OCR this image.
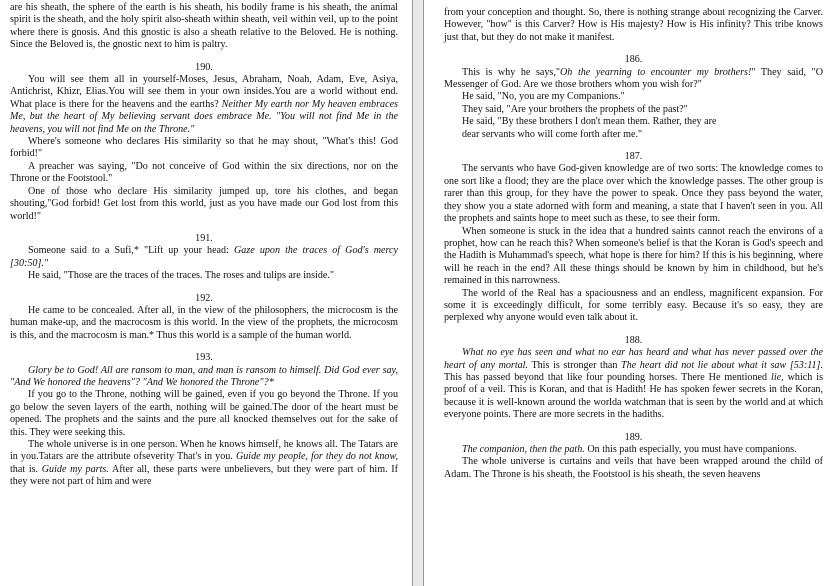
are his sheath, the sphere of the earth is his sheath, his bodily frame is his sheath, the animal spirit is the sheath, and the holy spirit also-sheath within sheath, veil within veil, up to the point where there is gnosis. And this gnostic is also a sheath relative to the Beloved. He is nothing. Since the Beloved is, the gnostic next to him is paltry.

190.

You will see them all in yourself-Moses, Jesus, Abraham, Noah, Adam, Eve, Asiya, Antichrist, Khizr, Elias.You will see them in your own insides.You are a world without end. What place is there for the heavens and the earths? Neither My earth nor My heaven embraces Me, but the heart of My believing servant does embrace Me. "You will not find Me in the heavens, you will not find Me on the Throne."

Where's someone who declares His similarity so that he may shout, "What's this! God forbid!"

A preacher was saying, "Do not conceive of God within the six directions, nor on the Throne or the Footstool."

One of those who declare His similarity jumped up, tore his clothes, and began shouting,"God forbid! Get lost from this world, just as you have made our God lost from this world!"

191.

Someone said to a Sufi,* "Lift up your head: Gaze upon the traces of God's mercy [30:50]."

He said, "Those are the traces of the traces. The roses and tulips are inside."

192.

He came to be concealed. After all, in the view of the philosophers, the microcosm is the human make-up, and the macrocosm is this world. In the view of the prophets, the microcosm is this, and the macrocosm is man.* Thus this world is a sample of the human world.

193.

Glory be to God! All are ransom to man, and man is ransom to himself. Did God ever say, "And We honored the heavens"? "And We honored the Throne"?*

If you go to the Throne, nothing will be gained, even if you go beyond the Throne. If you go below the seven layers of the earth, nothing will be gained.The door of the heart must be opened. The prophets and the saints and the pure all knocked themselves out for the sake of this. They were seeking this.

The whole universe is in one person. When he knows himself, he knows all. The Tatars are in you.Tatars are the attribute ofseverity That's in you. Guide my people, for they do not know, that is. Guide my parts. After all, these parts were unbelievers, but they were part of him. If they were not part of him and were

from your conception and thought. So, there is nothing strange about recognizing the Carver. However, "how" is this Carver? How is His majesty? How is His infinity? This tribe knows just that, but they do not make it manifest.

186.

This is why he says,"Oh the yearning to encounter my brothers!" They said, "O Messenger of God. Are we those brothers whom you wish for?"

He said, "No, you are my Companions."

They said, "Are your brothers the prophets of the past?"

He said, "By these brothers I don't mean them. Rather, they are

dear servants who will come forth after me."

187.

The servants who have God-given knowledge are of two sorts: The knowledge comes to one sort like a flood; they are the place over which the knowledge passes. The other group is rarer than this group, for they have the power to speak. Once they pass beyond the water, they show you a state adorned with form and meaning, a state that I haven't seen in you. All the prophets and saints hope to meet such as these, to see their form.

When someone is stuck in the idea that a hundred saints cannot reach the environs of a prophet, how can he reach this? When someone's belief is that the Koran is God's speech and the Hadith is Muhammad's speech, what hope is there for him? If this is his beginning, where will he reach in the end? All these things should be known by him in childhood, but he's remained in this narrowness.

The world of the Real has a spaciousness and an endless, magnificent expansion. For some it is exceedingly difficult, for some terribly easy. Because it's so easy, they are perplexed why anyone would even talk about it.

188.

What no eye has seen and what no ear has heard and what has never passed over the heart of any mortal. This is stronger than The heart did not lie about what it saw [53:11]. This has passed beyond that like four pounding horses. There He mentioned lie, which is proof of a veil. This is Koran, and that is Hadith! He has spoken fewer secrets in the Koran, because it is well-known around the worlda watchman that is seen by the world and at which everyone points. There are more secrets in the hadiths.

189.

The companion, then the path. On this path especially, you must have companions.

The whole universe is curtains and veils that have been wrapped around the child of Adam. The Throne is his sheath, the Footstool is his sheath, the seven heavens
